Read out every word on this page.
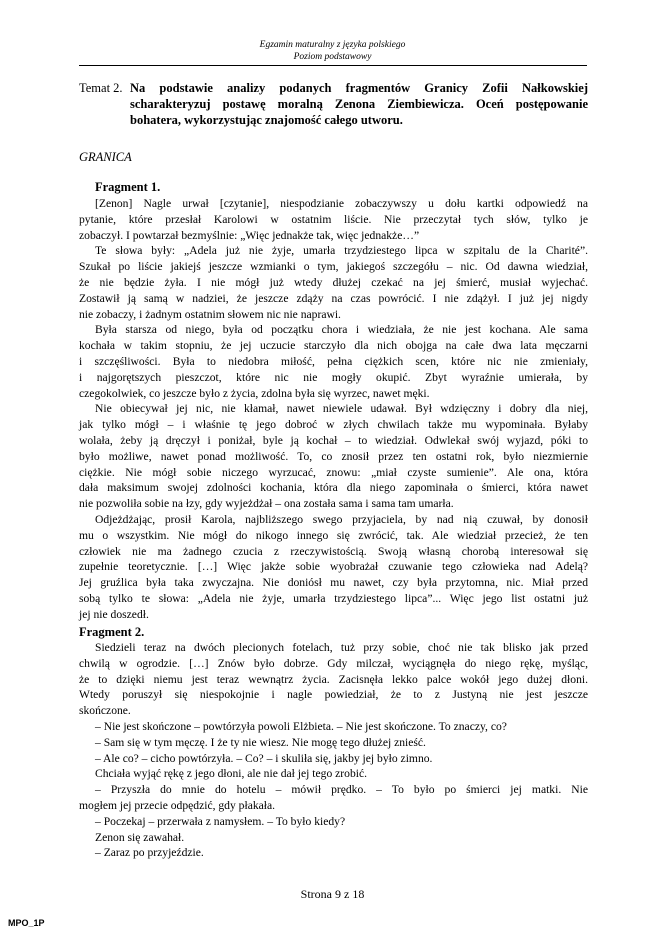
Egzamin maturalny z języka polskiego
Poziom podstawowy
Temat 2. Na podstawie analizy podanych fragmentów Granicy Zofii Nałkowskiej scharakteryzuj postawę moralną Zenona Ziembiewicza. Oceń postępowanie bohatera, wykorzystując znajomość całego utworu.
GRANICA
Fragment 1.
[Zenon] Nagle urwał [czytanie], niespodzianie zobaczywszy u dołu kartki odpowiedź na
pytanie, które przesłał Karolowi w ostatnim liście. Nie przeczytał tych słów, tylko je
zobaczył. I powtarzał bezmyślnie: „Więc jednakże tak, więc jednakże…”
Te słowa były: „Adela już nie żyje, umarła trzydziestego lipca w szpitalu de la Charité”.
Szukał po liście jakiejś jeszcze wzmianki o tym, jakiegoś szczegółu – nic. Od dawna wiedział,
że nie będzie żyła. I nie mógł już wtedy dłużej czekać na jej śmierć, musiał wyjechać.
Zostawił ją samą w nadziei, że jeszcze zdąży na czas powrócić. I nie zdążył. I już jej nigdy
nie zobaczy, i żadnym ostatnim słowem nic nie naprawi.
Była starsza od niego, była od początku chora i wiedziała, że nie jest kochana. Ale sama
kochała w takim stopniu, że jej uczucie starczyło dla nich obojga na całe dwa lata męczarni
i szczęśliwości. Była to niedobra miłość, pełna ciężkich scen, które nic nie zmieniały,
i najgorętszych pieszczot, które nic nie mogły okupić. Zbyt wyraźnie umierała, by
czegokolwiek, co jeszcze było z życia, zdolna była się wyrzec, nawet męki.
Nie obiecywał jej nic, nie kłamał, nawet niewiele udawał. Był wdzięczny i dobry dla niej,
jak tylko mógł – i właśnie tę jego dobroć w złych chwilach także mu wypominała. Byłaby
wolała, żeby ją dręczył i poniżał, byle ją kochał – to wiedział. Odwlekał swój wyjazd, póki to
było możliwe, nawet ponad możliwość. To, co znosił przez ten ostatni rok, było niezmiernie
ciężkie. Nie mógł sobie niczego wyrzucać, znowu: „miał czyste sumienie”. Ale ona, która
dała maksimum swojej zdolności kochania, która dla niego zapominała o śmierci, która nawet
nie pozwoliła sobie na łzy, gdy wyjeżdżał – ona została sama i sama tam umarła.
Odjeżdżając, prosił Karola, najbliższego swego przyjaciela, by nad nią czuwał, by donosił
mu o wszystkim. Nie mógł do nikogo innego się zwrócić, tak. Ale wiedział przecież, że ten
człowiek nie ma żadnego czucia z rzeczywistością. Swoją własną chorobą interesował się
zupełnie teoretycznie. […] Więc jakże sobie wyobrażał czuwanie tego człowieka nad Adelą?
Jej gruźlica była taka zwyczajna. Nie doniósł mu nawet, czy była przytomna, nic. Miał przed
sobą tylko te słowa: „Adela nie żyje, umarła trzydziestego lipca”... Więc jego list ostatni już
jej nie doszedł.
Fragment 2.
Siedzieli teraz na dwóch plecionych fotelach, tuż przy sobie, choć nie tak blisko jak przed
chwilą w ogrodzie. […] Znów było dobrze. Gdy milczał, wyciągnęła do niego rękę, myśląc,
że to dzięki niemu jest teraz wewnątrz życia. Zacisnęła lekko palce wokół jego dużej dłoni.
Wtedy poruszył się niespokojnie i nagle powiedział, że to z Justyną nie jest jeszcze
skończone.
– Nie jest skończone – powtórzyła powoli Elżbieta. – Nie jest skończone. To znaczy, co?
– Sam się w tym męczę. I że ty nie wiesz. Nie mogę tego dłużej znieść.
– Ale co? – cicho powtórzyła. – Co? – i skuliła się, jakby jej było zimno.
Chciała wyjąć rękę z jego dłoni, ale nie dał jej tego zrobić.
– Przyszła do mnie do hotelu – mówił prędko. – To było po śmierci jej matki. Nie
mogłem jej przecie odpędzić, gdy płakała.
– Poczekaj – przerwała z namysłem. – To było kiedy?
Zenon się zawahał.
– Zaraz po przyjeździe.
Strona 9 z 18
MPO_1P
